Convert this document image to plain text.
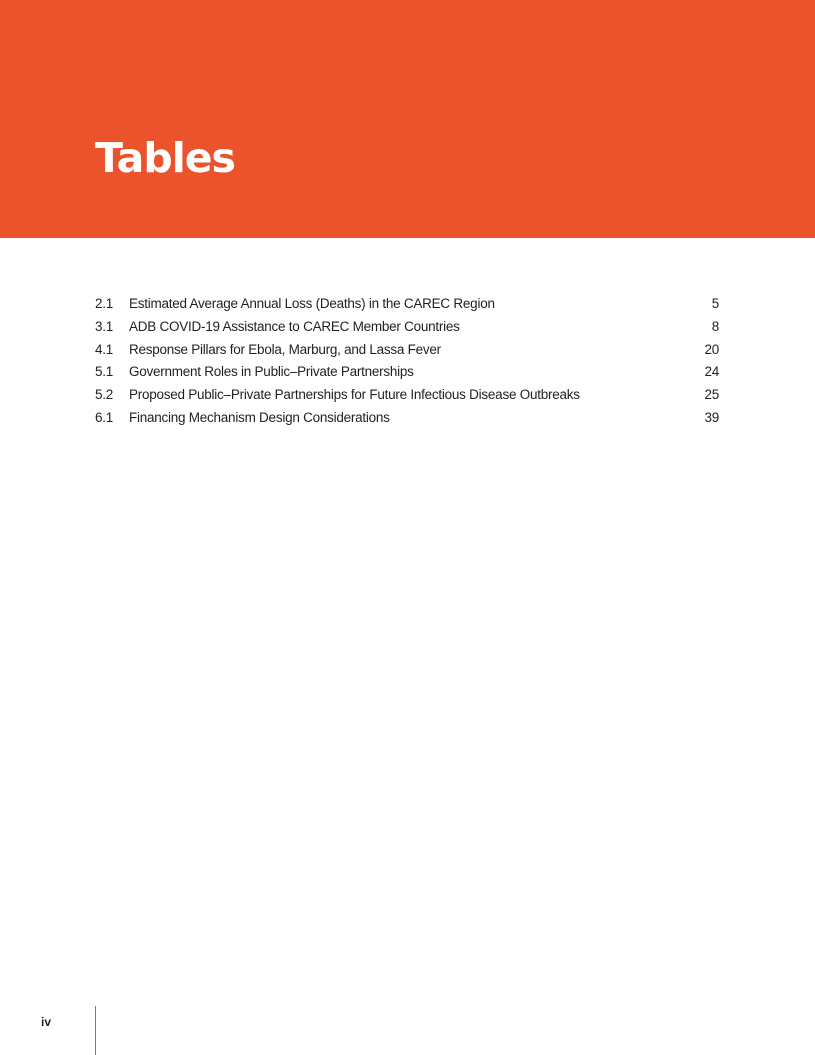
Tables
2.1 Estimated Average Annual Loss (Deaths) in the CAREC Region	5
3.1 ADB COVID-19 Assistance to CAREC Member Countries	8
4.1 Response Pillars for Ebola, Marburg, and Lassa Fever	20
5.1 Government Roles in Public–Private Partnerships	24
5.2 Proposed Public–Private Partnerships for Future Infectious Disease Outbreaks	25
6.1 Financing Mechanism Design Considerations	39
iv
